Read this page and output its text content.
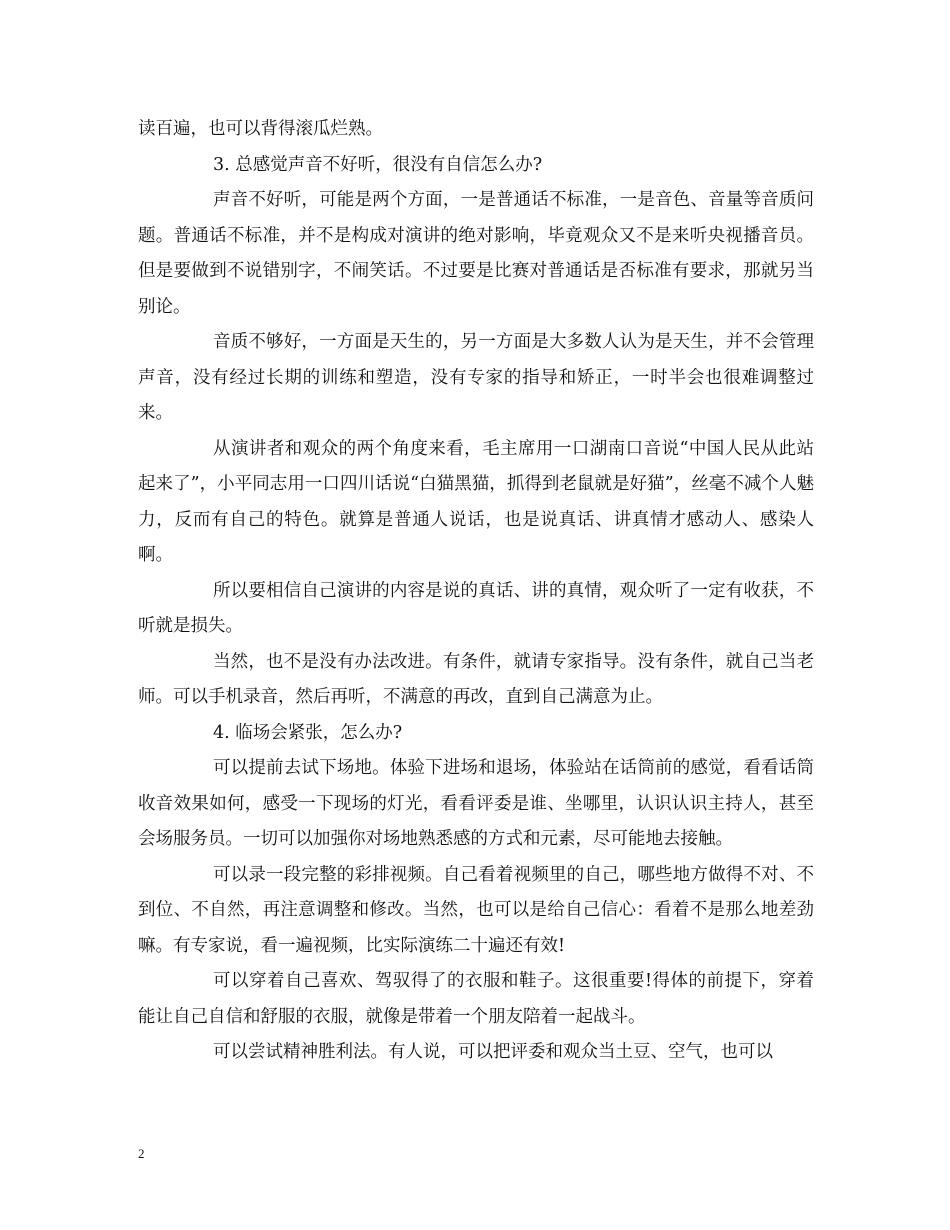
读百遍，也可以背得滚瓜烂熟。

3. 总感觉声音不好听，很没有自信怎么办?

声音不好听，可能是两个方面，一是普通话不标准，一是音色、音量等音质问题。普通话不标准，并不是构成对演讲的绝对影响，毕竟观众又不是来听央视播音员。但是要做到不说错别字，不闹笑话。不过要是比赛对普通话是否标准有要求，那就另当别论。

音质不够好，一方面是天生的，另一方面是大多数人认为是天生，并不会管理声音，没有经过长期的训练和塑造，没有专家的指导和矫正，一时半会也很难调整过来。

从演讲者和观众的两个角度来看，毛主席用一口湖南口音说“中国人民从此站起来了”，小平同志用一口四川话说“白猫黑猫，抓得到老鼠就是好猫”，丝毫不减个人魅力，反而有自己的特色。就算是普通人说话，也是说真话、讲真情才感动人、感染人啊。

所以要相信自己演讲的内容是说的真话、讲的真情，观众听了一定有收获，不听就是损失。

当然，也不是没有办法改进。有条件，就请专家指导。没有条件，就自己当老师。可以手机录音，然后再听，不满意的再改，直到自己满意为止。

4. 临场会紧张，怎么办?

可以提前去试下场地。体验下进场和退场，体验站在话筒前的感觉，看看话筒收音效果如何，感受一下现场的灯光，看看评委是谁、坐哪里，认识认识主持人，甚至会场服务员。一切可以加强你对场地熟悉感的方式和元素，尽可能地去接触。

可以录一段完整的彩排视频。自己看着视频里的自己，哪些地方做得不对、不到位、不自然，再注意调整和修改。当然，也可以是给自己信心：看着不是那么地差劲嘛。有专家说，看一遍视频，比实际演练二十遍还有效!

可以穿着自己喜欢、驾驭得了的衣服和鞋子。这很重要!得体的前提下，穿着能让自己自信和舒服的衣服，就像是带着一个朋友陪着一起战斗。

可以尝试精神胜利法。有人说，可以把评委和观众当土豆、空气，也可以

2
